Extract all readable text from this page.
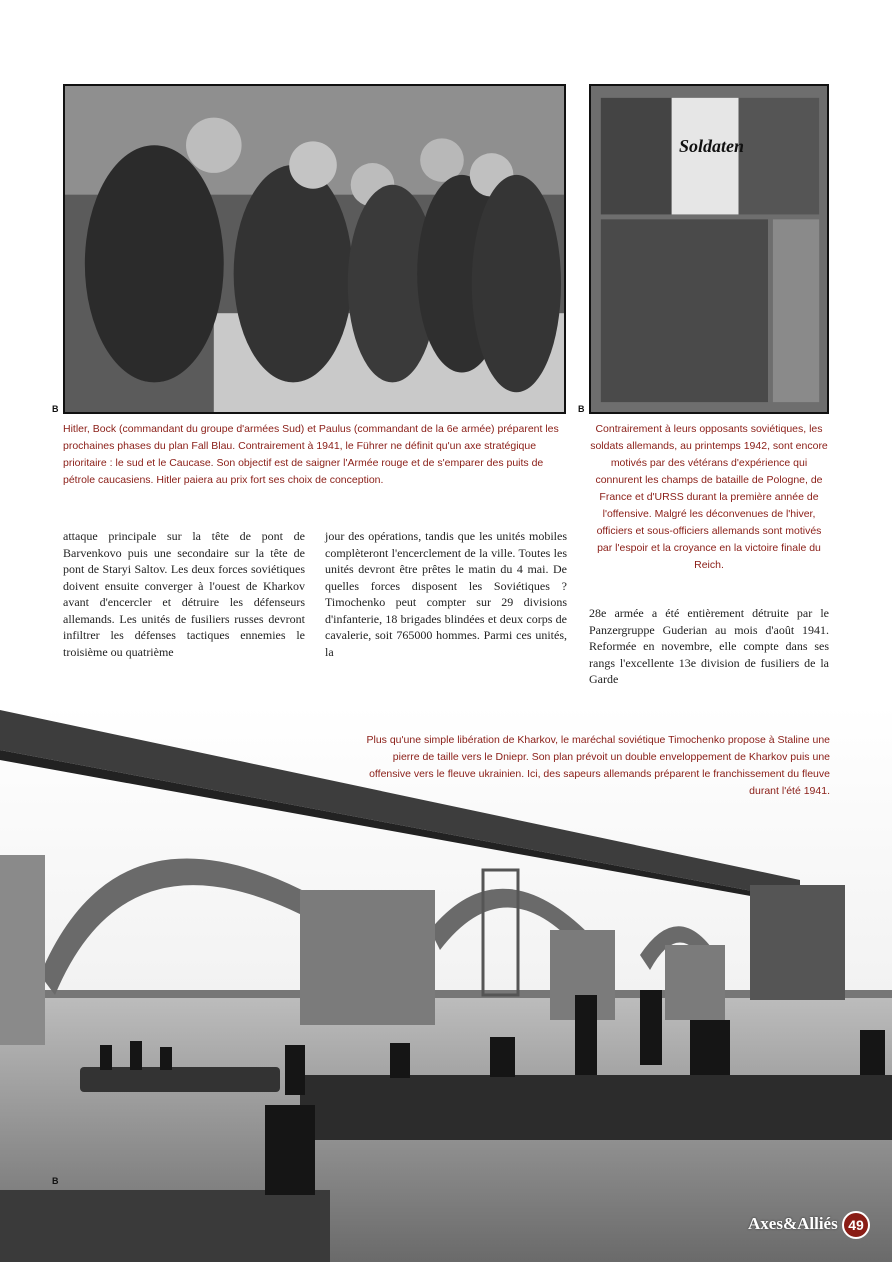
B
Soldaten
B
Hitler, Bock (commandant du groupe d'armées Sud) et Paulus (commandant de la 6e armée) préparent les prochaines phases du plan Fall Blau. Contrairement à 1941, le Führer ne définit qu'un axe stratégique prioritaire : le sud et le Caucase. Son objectif est de saigner l'Armée rouge et de s'emparer des puits de pétrole caucasiens. Hitler paiera au prix fort ses choix de conception.
Contrairement à leurs opposants soviétiques, les soldats allemands, au printemps 1942, sont encore motivés par des vétérans d'expérience qui connurent les champs de bataille de Pologne, de France et d'URSS durant la première année de l'offensive. Malgré les déconvenues de l'hiver, officiers et sous-officiers allemands sont motivés par l'espoir et la croyance en la victoire finale du Reich.
attaque principale sur la tête de pont de Barvenkovo puis une secondaire sur la tête de pont de Staryi Saltov. Les deux forces soviétiques doivent ensuite converger à l'ouest de Kharkov avant d'encercler et détruire les défenseurs allemands. Les unités de fusiliers russes devront infiltrer les défenses tactiques ennemies le troisième ou quatrième
jour des opérations, tandis que les unités mobiles complèteront l'encerclement de la ville. Toutes les unités devront être prêtes le matin du 4 mai. De quelles forces disposent les Soviétiques ? Timochenko peut compter sur 29 divisions d'infanterie, 18 brigades blindées et deux corps de cavalerie, soit 765000 hommes. Parmi ces unités, la
28e armée a été entièrement détruite par le Panzergruppe Guderian au mois d'août 1941. Reformée en novembre, elle compte dans ses rangs l'excellente 13e division de fusiliers de la Garde
B
Plus qu'une simple libération de Kharkov, le maréchal soviétique Timochenko propose à Staline une pierre de taille vers le Dniepr. Son plan prévoit un double enveloppement de Kharkov puis une offensive vers le fleuve ukrainien. Ici, des sapeurs allemands préparent le franchissement du fleuve durant l'été 1941.
Axes&Alliés 49
